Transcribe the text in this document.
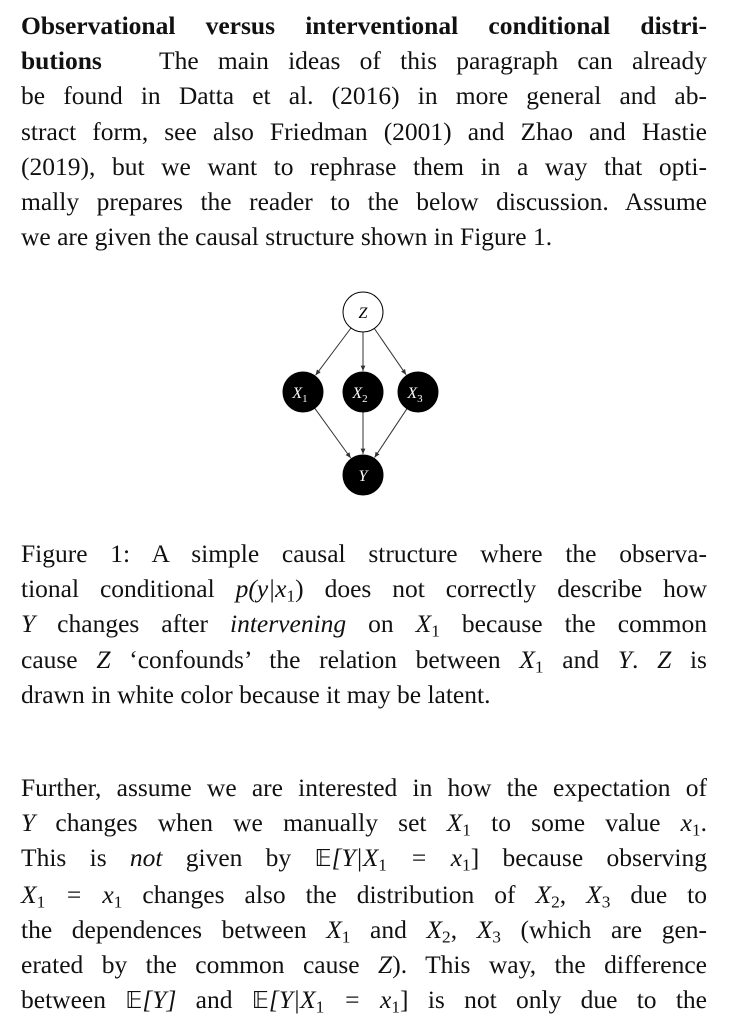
Observational versus interventional conditional distri-
butions The main ideas of this paragraph can already
be found in Datta et al. (2016) in more general and ab-
stract form, see also Friedman (2001) and Zhao and Hastie
(2019), but we want to rephrase them in a way that opti-
mally prepares the reader to the below discussion. Assume
we are given the causal structure shown in Figure 1.
Z
$X_1$	$X_2$ $X_3$
Y
Figure 1: A simple causal structure where the observa-
tional conditional $p(y|x_1)$ does not correctly describe how
Y changes after intervening on $X_1$ because the common
cause Z ‘confounds’ the relation between $X_1$ and Y. Z is
drawn in white color because it may be latent.
Further, assume we are interested in how the expectation of
Y changes when we manually set $X_1$ to some value $x_1$.
This is not given by $𝔼[Y|X_1 = x_1]$ because observing
$X_1 = x_1$ changes also the distribution of $X_2$, $X_3$ due to
the dependences between $X_1$ and $X_2$, $X_3$ (which are gen-
erated by the common cause Z). This way, the difference
between 𝔼[Y] and $𝔼[Y|X_1 = x_1]$ is not only due to the
